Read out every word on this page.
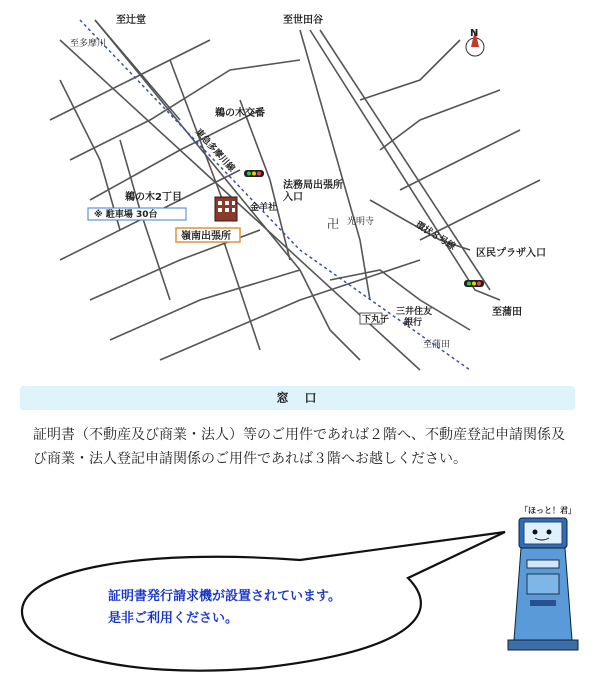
N
卍
至辻堂	至世田谷
至多摩川
鵜の木交番
東急多摩川線
鵜の木2丁目
※ 駐車場 30台
嶺南出張所
法務局出張所
入口
金羊社
光明寺	環状８号線
区民プラザ入口
至蒲田
三井住友
銀行
下丸子
至蒲田
窓　口
証明書（不動産及び商業・法人）等のご用件であれば２階へ、不動産登記申請関係及び商業・法人登記申請関係のご用件であれば３階へお越しください。
証明書発行請求機が設置されています。
是非ご利用ください。
「ほっと！君」
